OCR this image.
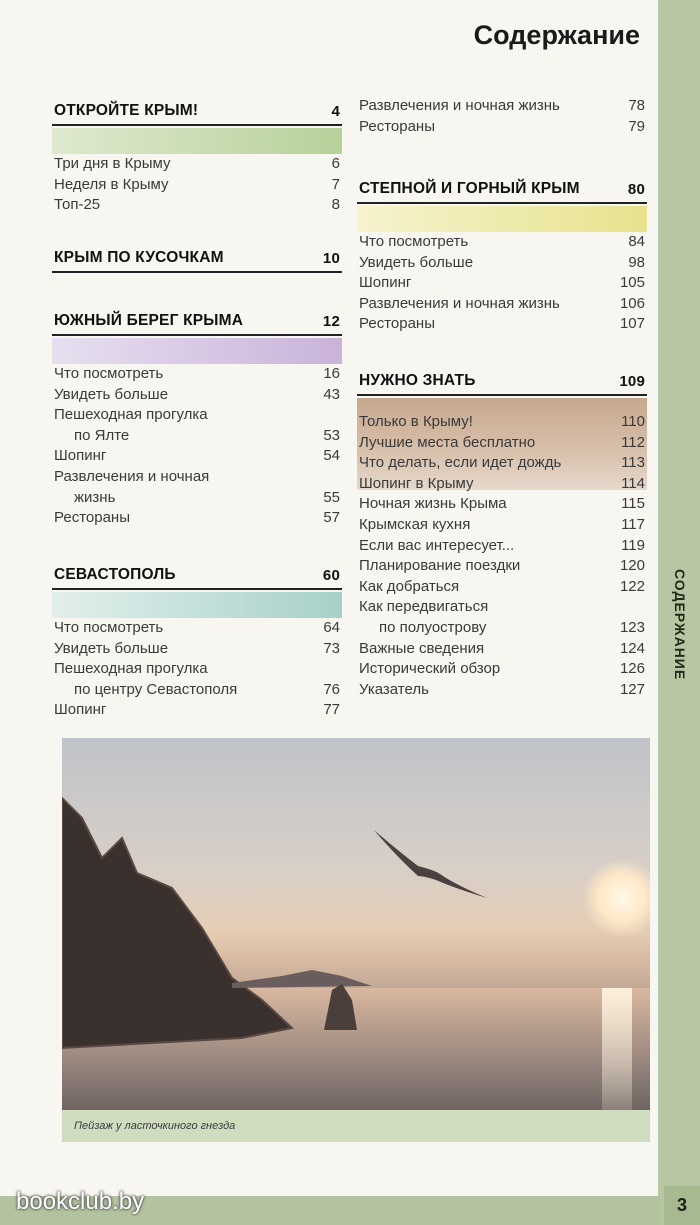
СОДЕРЖАНИЕ
3
Содержание
ОТКРОЙТЕ КРЫМ!	4
Три дня в Крыму	6
Неделя в Крыму	7
Топ-25	8
КРЫМ ПО КУСОЧКАМ	10
ЮЖНЫЙ БЕРЕГ КРЫМА	12
Что посмотреть	16
Увидеть больше	43
Пешеходная прогулка
по Ялте	53
Шопинг	54
Развлечения и ночная
жизнь	55
Рестораны	57
СЕВАСТОПОЛЬ	60
Что посмотреть	64
Увидеть больше	73
Пешеходная прогулка
по центру Севастополя	76
Шопинг	77
Развлечения и ночная жизнь	78
Рестораны	79
СТЕПНОЙ И ГОРНЫЙ КРЫМ	80
Что посмотреть	84
Увидеть больше	98
Шопинг	105
Развлечения и ночная жизнь	106
Рестораны	107
НУЖНО ЗНАТЬ	109
Только в Крыму!	110
Лучшие места бесплатно	112
Что делать, если идет дождь	113
Шопинг в Крыму	114
Ночная жизнь Крыма	115
Крымская кухня	117
Если вас интересует...	119
Планирование поездки	120
Как добраться	122
Как передвигаться
по полуострову	123
Важные сведения	124
Исторический обзор	126
Указатель	127
Пейзаж у ласточкиного гнезда
bookclub.by
